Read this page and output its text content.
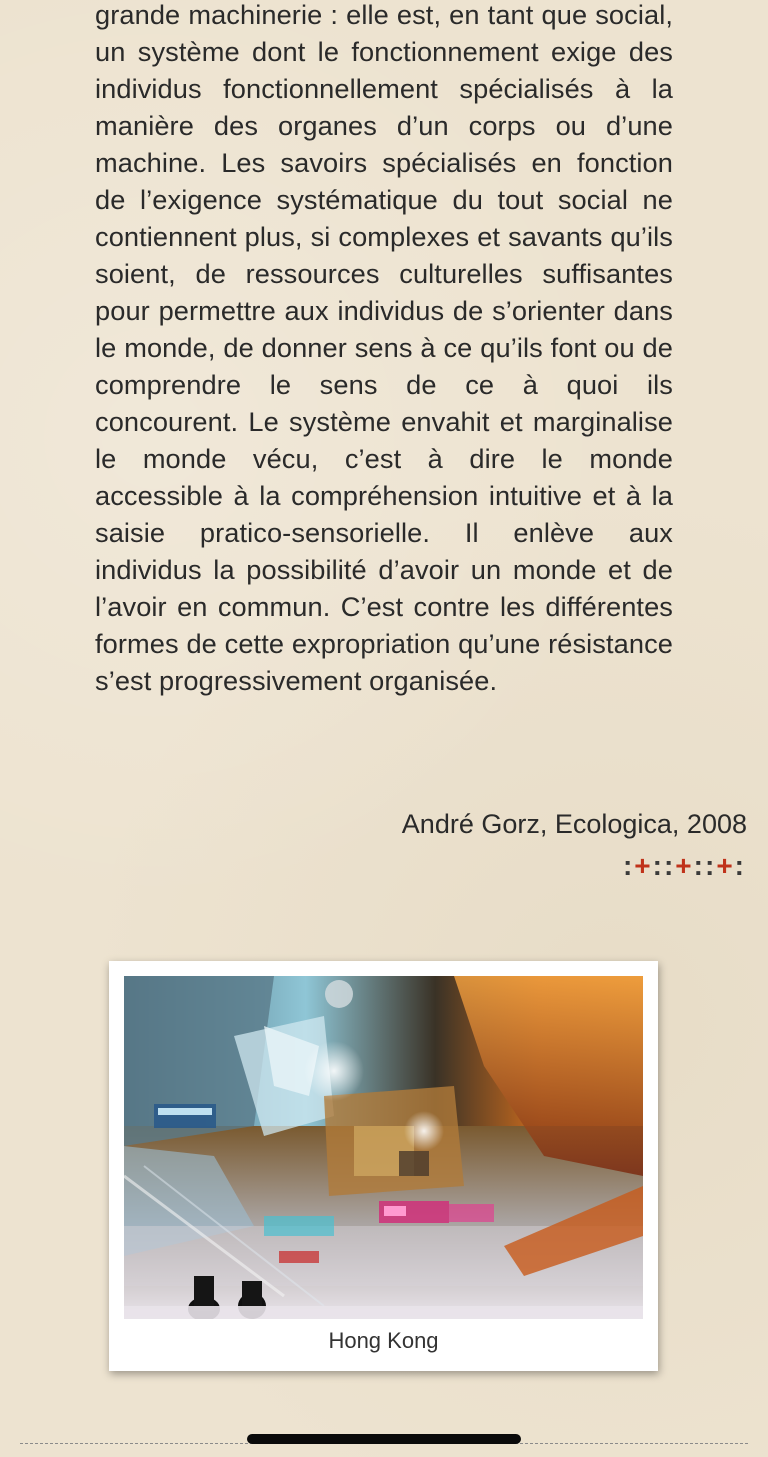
grande machinerie : elle est, en tant que social, un système dont le fonctionnement exige des individus fonctionnellement spécialisés à la manière des organes d’un corps ou d’une machine. Les savoirs spécialisés en fonction de l’exigence systématique du tout social ne contiennent plus, si complexes et savants qu’ils soient, de ressources culturelles suffisantes pour permettre aux individus de s’orienter dans le monde, de donner sens à ce qu’ils font ou de comprendre le sens de ce à quoi ils concourent. Le système envahit et marginalise le monde vécu, c’est à dire le monde accessible à la compréhension intuitive et à la saisie pratico-sensorielle. Il enlève aux individus la possibilité d’avoir un monde et de l’avoir en commun. C’est contre les différentes formes de cette expropriation qu’une résistance s’est progressivement organisée.

André Gorz, Ecologica, 2008
:+::+::+:
Hong Kong
